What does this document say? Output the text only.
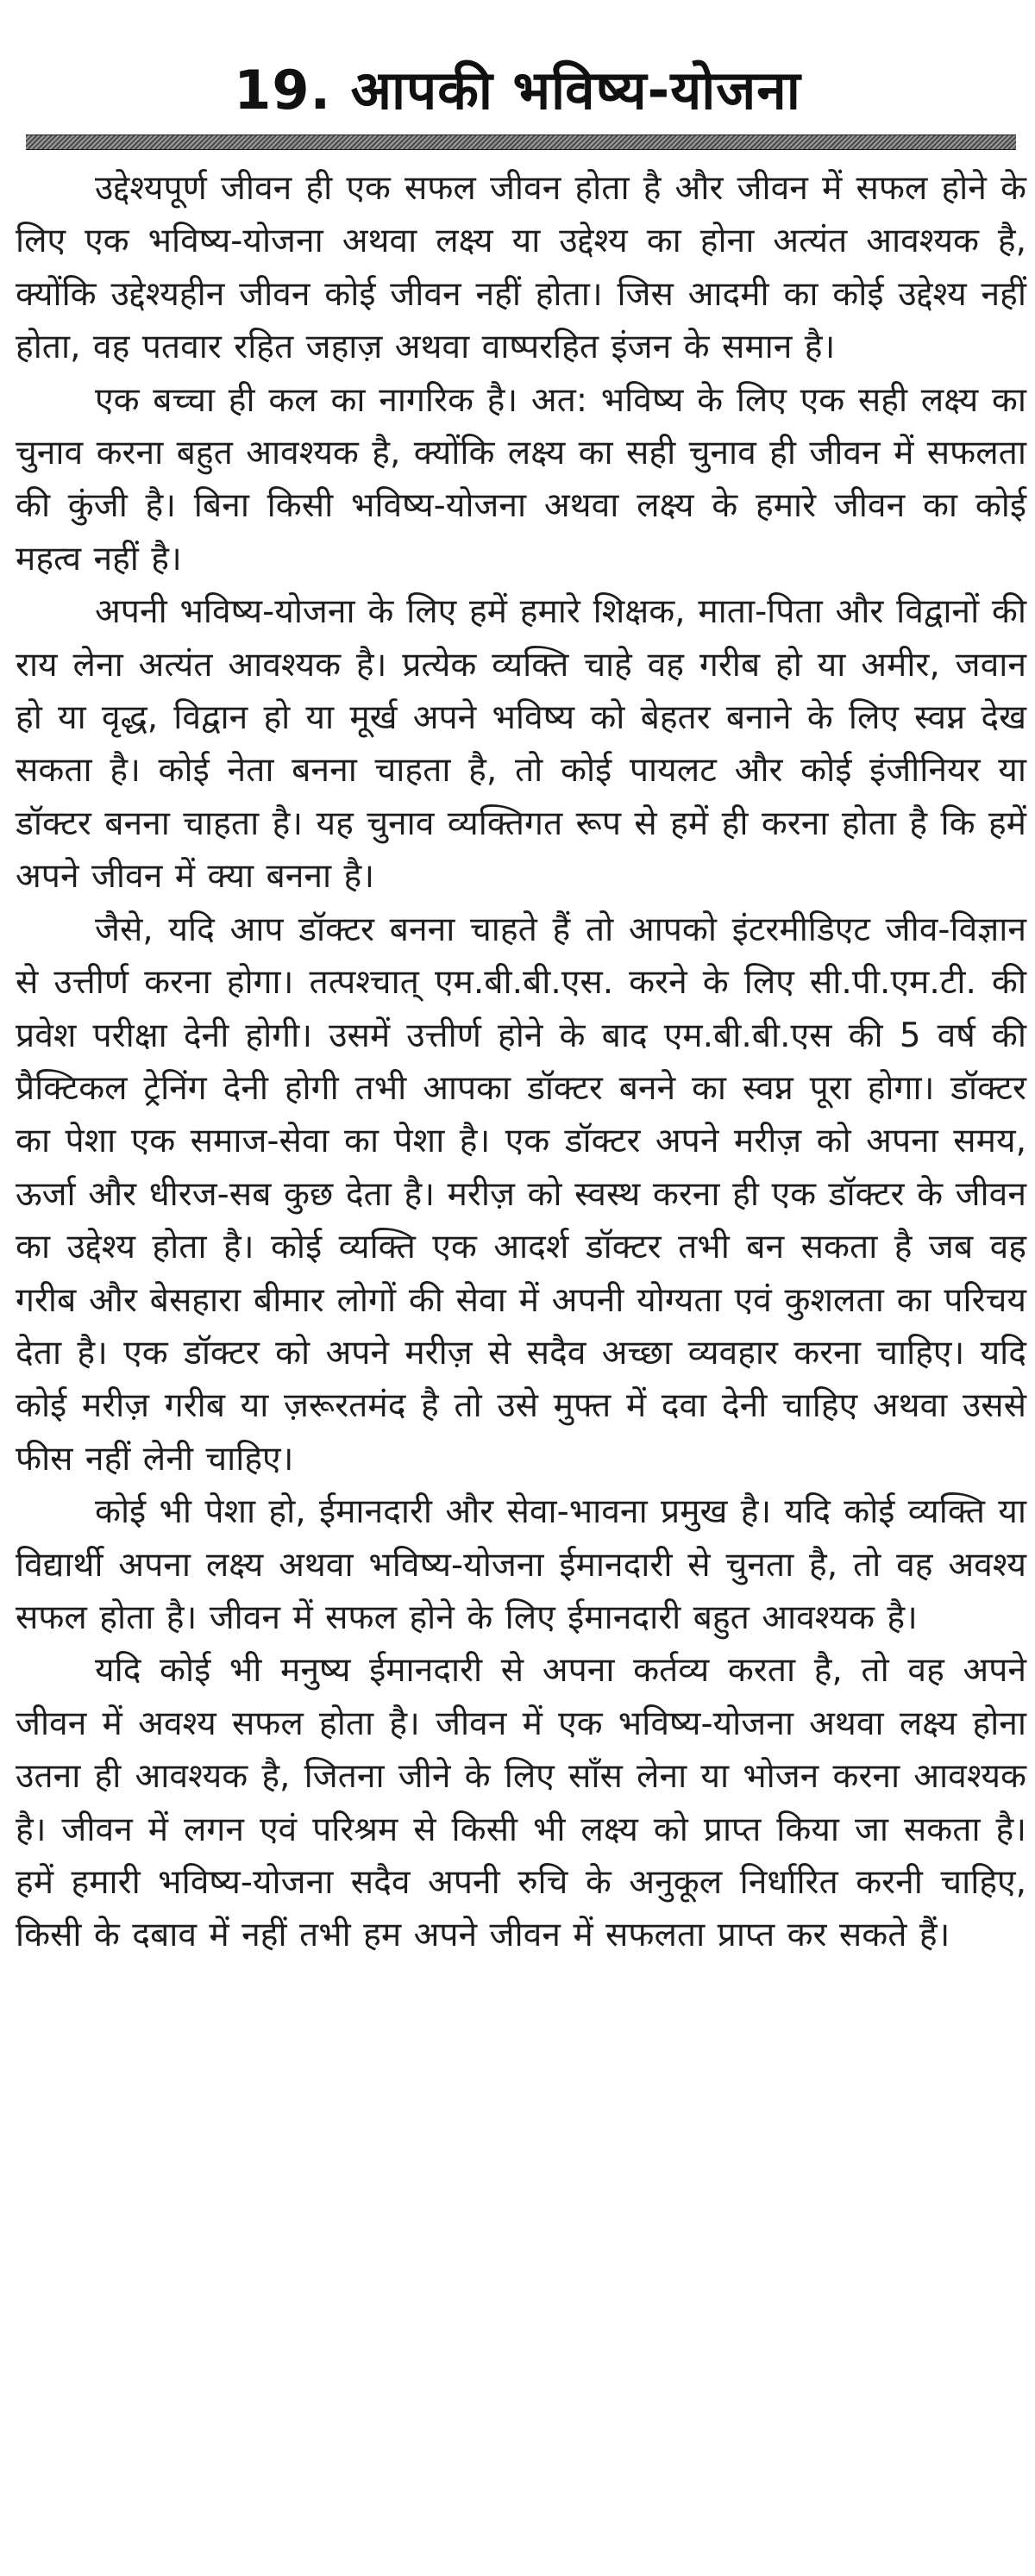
19. आपकी भविष्य-योजना

उद्देश्यपूर्ण जीवन ही एक सफल जीवन होता है और जीवन में सफल होने के लिए एक भविष्य-योजना अथवा लक्ष्य या उद्देश्य का होना अत्यंत आवश्यक है, क्योंकि उद्देश्यहीन जीवन कोई जीवन नहीं होता। जिस आदमी का कोई उद्देश्य नहीं होता, वह पतवार रहित जहाज़ अथवा वाष्परहित इंजन के समान है।

एक बच्चा ही कल का नागरिक है। अत: भविष्य के लिए एक सही लक्ष्य का चुनाव करना बहुत आवश्यक है, क्योंकि लक्ष्य का सही चुनाव ही जीवन में सफलता की कुंजी है। बिना किसी भविष्य-योजना अथवा लक्ष्य के हमारे जीवन का कोई महत्व नहीं है।

अपनी भविष्य-योजना के लिए हमें हमारे शिक्षक, माता-पिता और विद्वानों की राय लेना अत्यंत आवश्यक है। प्रत्येक व्यक्ति चाहे वह गरीब हो या अमीर, जवान हो या वृद्ध, विद्वान हो या मूर्ख अपने भविष्य को बेहतर बनाने के लिए स्वप्न देख सकता है। कोई नेता बनना चाहता है, तो कोई पायलट और कोई इंजीनियर या डॉक्टर बनना चाहता है। यह चुनाव व्यक्तिगत रूप से हमें ही करना होता है कि हमें अपने जीवन में क्या बनना है।

जैसे, यदि आप डॉक्टर बनना चाहते हैं तो आपको इंटरमीडिएट जीव-विज्ञान से उत्तीर्ण करना होगा। तत्पश्चात् एम.बी.बी.एस. करने के लिए सी.पी.एम.टी. की प्रवेश परीक्षा देनी होगी। उसमें उत्तीर्ण होने के बाद एम.बी.बी.एस की 5 वर्ष की प्रैक्टिकल ट्रेनिंग देनी होगी तभी आपका डॉक्टर बनने का स्वप्न पूरा होगा। डॉक्टर का पेशा एक समाज-सेवा का पेशा है। एक डॉक्टर अपने मरीज़ को अपना समय, ऊर्जा और धीरज-सब कुछ देता है। मरीज़ को स्वस्थ करना ही एक डॉक्टर के जीवन का उद्देश्य होता है। कोई व्यक्ति एक आदर्श डॉक्टर तभी बन सकता है जब वह गरीब और बेसहारा बीमार लोगों की सेवा में अपनी योग्यता एवं कुशलता का परिचय देता है। एक डॉक्टर को अपने मरीज़ से सदैव अच्छा व्यवहार करना चाहिए। यदि कोई मरीज़ गरीब या ज़रूरतमंद है तो उसे मुफ्त में दवा देनी चाहिए अथवा उससे फीस नहीं लेनी चाहिए।

कोई भी पेशा हो, ईमानदारी और सेवा-भावना प्रमुख है। यदि कोई व्यक्ति या विद्यार्थी अपना लक्ष्य अथवा भविष्य-योजना ईमानदारी से चुनता है, तो वह अवश्य सफल होता है। जीवन में सफल होने के लिए ईमानदारी बहुत आवश्यक है।

यदि कोई भी मनुष्य ईमानदारी से अपना कर्तव्य करता है, तो वह अपने जीवन में अवश्य सफल होता है। जीवन में एक भविष्य-योजना अथवा लक्ष्य होना उतना ही आवश्यक है, जितना जीने के लिए साँस लेना या भोजन करना आवश्यक है। जीवन में लगन एवं परिश्रम से किसी भी लक्ष्य को प्राप्त किया जा सकता है। हमें हमारी भविष्य-योजना सदैव अपनी रुचि के अनुकूल निर्धारित करनी चाहिए, किसी के दबाव में नहीं तभी हम अपने जीवन में सफलता प्राप्त कर सकते हैं।
